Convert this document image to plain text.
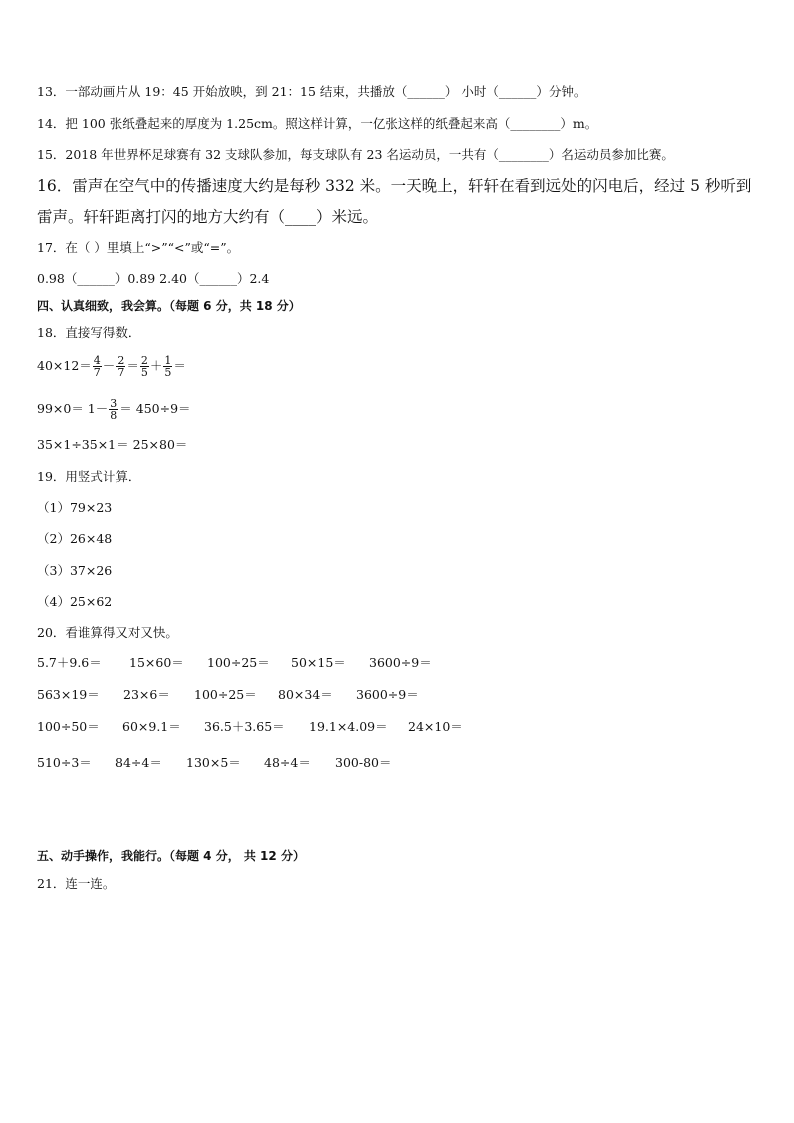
13．一部动画片从 19：45 开始放映，到 21：15 结束，共播放（______） 小时（______）分钟。
14．把 100 张纸叠起来的厚度为 1.25cm。照这样计算，一亿张这样的纸叠起来高（________）m。
15．2018 年世界杯足球赛有 32 支球队参加，每支球队有 23 名运动员，一共有（________）名运动员参加比赛。
16．雷声在空气中的传播速度大约是每秒 332 米。一天晚上，轩轩在看到远处的闪电后，经过 5 秒听到
雷声。轩轩距离打闪的地方大约有（____）米远。
17．在（ ）里填上“>”“<”或“=”。
0.98（______）0.89 2.40（______）2.4
四、认真细致，我会算。（每题 6 分，共 18 分）
18．直接写得数．
$40\times 12= \frac{4}{7} - \frac{2}{7} = \frac{2}{5} + \frac{1}{5}$ ＝
$99\times 0= 1- \frac{3}{8} = 450\div 9=$
35×1÷35×1＝ 25×80＝
19．用竖式计算．
（1）79×23
（2）26×48
（3）37×26
（4）25×62
20．看谁算得又对又快。
5.7＋9.6＝ 15×60＝ 100÷25＝ 50×15＝ 3600÷9＝
563×19＝ 23×6＝ 100÷25＝ 80×34＝ 3600÷9＝
100÷50＝ 60×9.1＝ 36.5＋3.65＝ 19.1×4.09＝ 24×10＝
510÷3＝ 84÷4＝ 130×5＝ 48÷4＝ 300-80＝
五、动手操作，我能行。（每题 4 分， 共 12 分）
21．连一连。
